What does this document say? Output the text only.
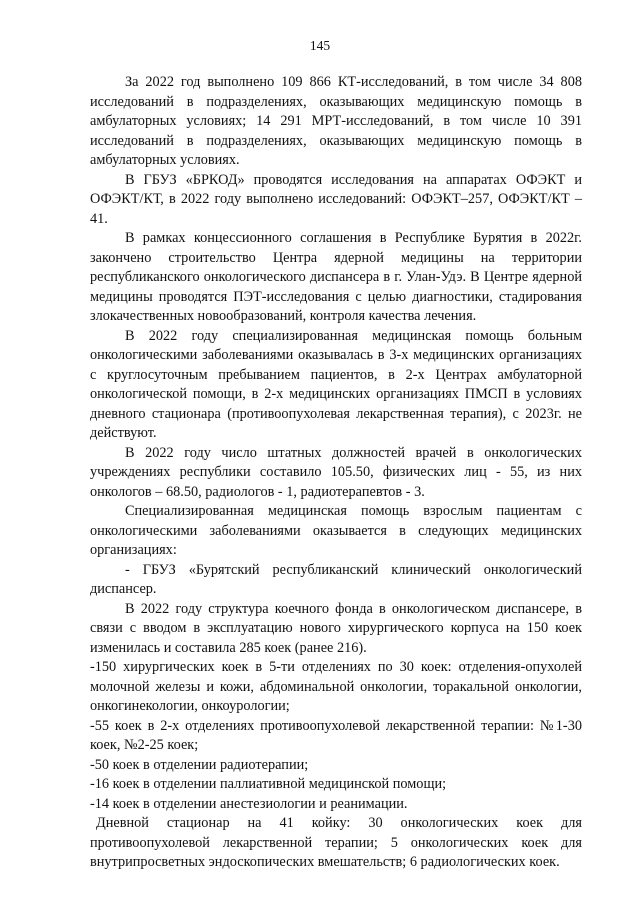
145

За 2022 год выполнено 109 866 КТ-исследований, в том числе 34 808 исследований в подразделениях, оказывающих медицинскую помощь в амбулаторных условиях; 14 291 МРТ-исследований, в том числе 10 391 исследований в подразделениях, оказывающих медицинскую помощь в амбулаторных условиях.

В ГБУЗ «БРКОД» проводятся исследования на аппаратах ОФЭКТ и ОФЭКТ/КТ, в 2022 году выполнено исследований: ОФЭКТ–257, ОФЭКТ/КТ – 41.

В рамках концессионного соглашения в Республике Бурятия в 2022г. закончено строительство Центра ядерной медицины на территории республиканского онкологического диспансера в г. Улан-Удэ. В Центре ядерной медицины проводятся ПЭТ-исследования с целью диагностики, стадирования злокачественных новообразований, контроля качества лечения.

В 2022 году специализированная медицинская помощь больным онкологическими заболеваниями оказывалась в 3-х медицинских организациях с круглосуточным пребыванием пациентов, в 2-х Центрах амбулаторной онкологической помощи, в 2-х медицинских организациях ПМСП в условиях дневного стационара (противоопухолевая лекарственная терапия), с 2023г. не действуют.

В 2022 году число штатных должностей врачей в онкологических учреждениях республики составило 105.50, физических лиц - 55, из них онкологов – 68.50, радиологов - 1, радиотерапевтов - 3.

Специализированная медицинская помощь взрослым пациентам с онкологическими заболеваниями оказывается в следующих медицинских организациях:

- ГБУЗ «Бурятский республиканский клинический онкологический диспансер.

В 2022 году структура коечного фонда в онкологическом диспансере, в связи с вводом в эксплуатацию нового хирургического корпуса на 150 коек изменилась и составила 285 коек (ранее 216).

-150 хирургических коек в 5-ти отделениях по 30 коек: отделения-опухолей молочной железы и кожи, абдоминальной онкологии, торакальной онкологии, онкогинекологии, онкоурологии;

-55 коек в 2-х отделениях противоопухолевой лекарственной терапии: №1-30 коек, №2-25 коек;

-50 коек в отделении радиотерапии;

-16 коек в отделении паллиативной медицинской помощи;

-14 коек в отделении анестезиологии и реанимации.

Дневной стационар на 41 койку: 30 онкологических коек для противоопухолевой лекарственной терапии; 5 онкологических коек для внутрипросветных эндоскопических вмешательств; 6 радиологических коек.
